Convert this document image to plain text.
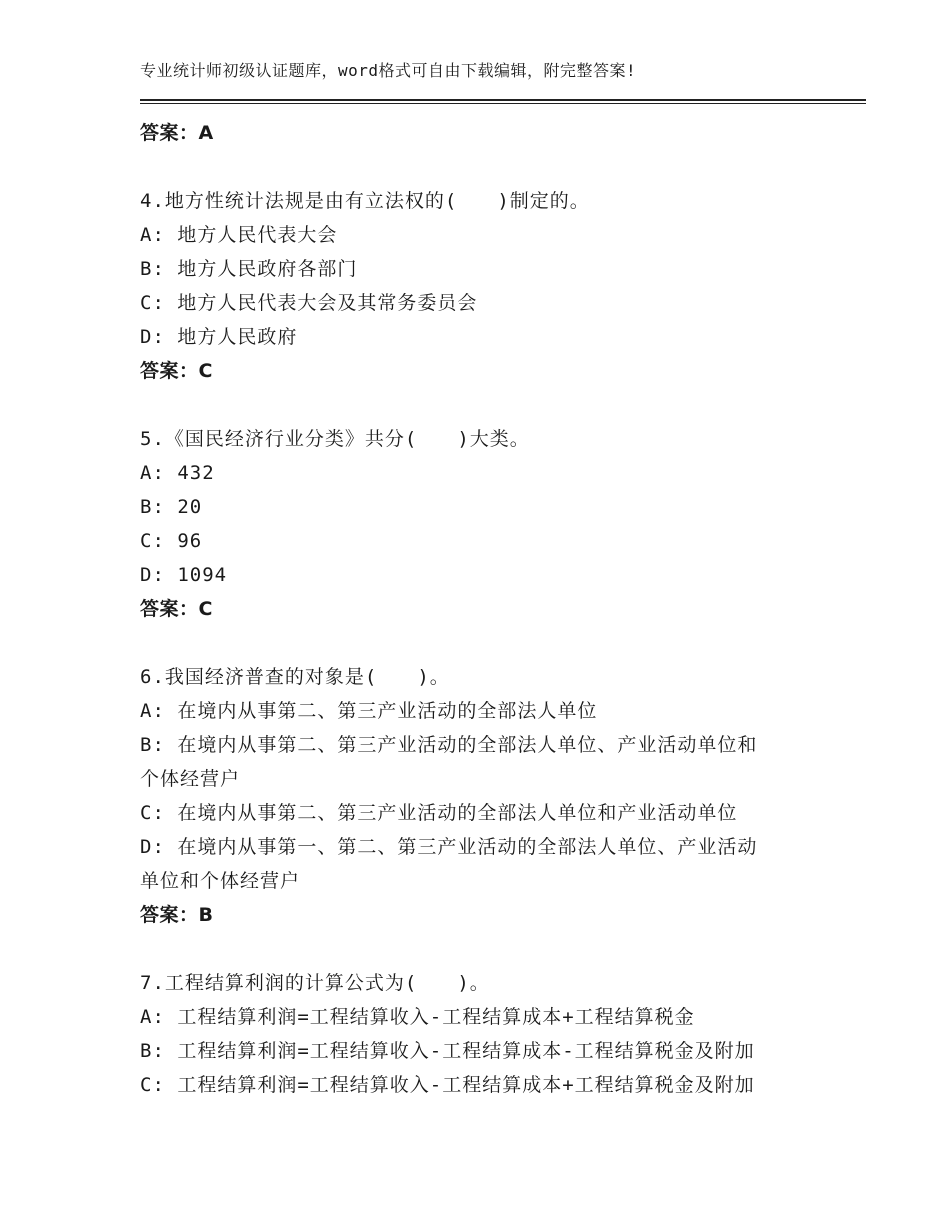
专业统计师初级认证题库，word格式可自由下载编辑，附完整答案!
答案：A
4.地方性统计法规是由有立法权的(　　)制定的。
A: 地方人民代表大会
B: 地方人民政府各部门
C: 地方人民代表大会及其常务委员会
D: 地方人民政府
答案：C
5.《国民经济行业分类》共分(　　)大类。
A: 432
B: 20
C: 96
D: 1094
答案：C
6.我国经济普查的对象是(　　)。
A: 在境内从事第二、第三产业活动的全部法人单位
B: 在境内从事第二、第三产业活动的全部法人单位、产业活动单位和
个体经营户
C: 在境内从事第二、第三产业活动的全部法人单位和产业活动单位
D: 在境内从事第一、第二、第三产业活动的全部法人单位、产业活动
单位和个体经营户
答案：B
7.工程结算利润的计算公式为(　　)。
A: 工程结算利润=工程结算收入-工程结算成本+工程结算税金
B: 工程结算利润=工程结算收入-工程结算成本-工程结算税金及附加
C: 工程结算利润=工程结算收入-工程结算成本+工程结算税金及附加
